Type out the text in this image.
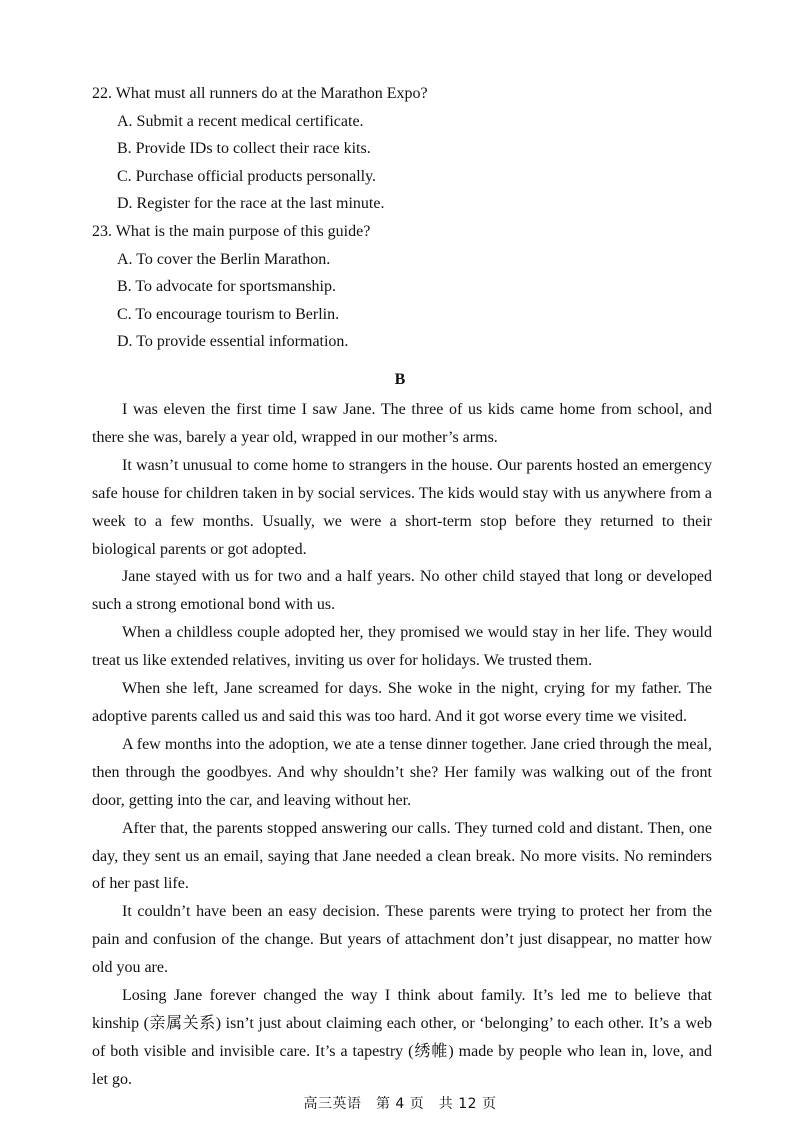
22. What must all runners do at the Marathon Expo?
A. Submit a recent medical certificate.
B. Provide IDs to collect their race kits.
C. Purchase official products personally.
D. Register for the race at the last minute.
23. What is the main purpose of this guide?
A. To cover the Berlin Marathon.
B. To advocate for sportsmanship.
C. To encourage tourism to Berlin.
D. To provide essential information.
B

I was eleven the first time I saw Jane. The three of us kids came home from school, and there she was, barely a year old, wrapped in our mother’s arms.

It wasn’t unusual to come home to strangers in the house. Our parents hosted an emergency safe house for children taken in by social services. The kids would stay with us anywhere from a week to a few months. Usually, we were a short-term stop before they returned to their biological parents or got adopted.

Jane stayed with us for two and a half years. No other child stayed that long or developed such a strong emotional bond with us.

When a childless couple adopted her, they promised we would stay in her life. They would treat us like extended relatives, inviting us over for holidays. We trusted them.

When she left, Jane screamed for days. She woke in the night, crying for my father. The adoptive parents called us and said this was too hard. And it got worse every time we visited.

A few months into the adoption, we ate a tense dinner together. Jane cried through the meal, then through the goodbyes. And why shouldn’t she? Her family was walking out of the front door, getting into the car, and leaving without her.

After that, the parents stopped answering our calls. They turned cold and distant. Then, one day, they sent us an email, saying that Jane needed a clean break. No more visits. No reminders of her past life.

It couldn’t have been an easy decision. These parents were trying to protect her from the pain and confusion of the change. But years of attachment don’t just disappear, no matter how old you are.

Losing Jane forever changed the way I think about family. It’s led me to believe that kinship (亲属关系) isn’t just about claiming each other, or ‘belonging’ to each other. It’s a web of both visible and invisible care. It’s a tapestry (绣帷) made by people who lean in, love, and let go.

高三英语　第 4 页　共 12 页
